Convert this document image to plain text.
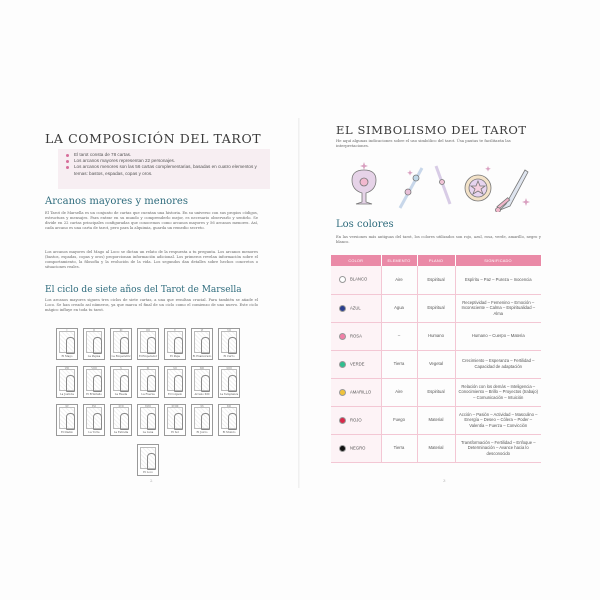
LA COMPOSICIÓN DEL TAROT
El tarot consta de 78 cartas.
Los arcanos mayores representan 22 personajes.
Los arcanos menores son las 56 cartas complementarias, basadas en cuatro elementos y temas: bastos, espadas, copas y oros.
Arcanos mayores y menores
El Tarot de Marsella es un conjunto de cartas que cuentan una historia. En su universo con sus propios códigos, estructura y mensajes. Para entrar en su mundo y comprenderlo mejor, es necesario observarlo y sentirlo. Se divide en 22 cartas principales configuradas que conocemos como arcanos mayores y 56 arcanos menores. Así, cada arcano es una carta de tarot, pero para la alquimia, guarda un remedio secreto.
Los arcanos mayores del Mago al Loco se dictan un relato de la respuesta a tu pregunta. Los arcanos menores (bastos, espadas, copas y oros) proporcionan información adicional. Los primeros revelan información sobre el comportamiento, la filosofía y la evolución de la vida. Los segundos dan detalles sobre hechos concretos o situaciones reales.
El ciclo de siete años del Tarot de Marsella
Los arcanos mayores siguen tres ciclos de siete cartas, a una que resultan crucial. Para también se añade el Loco. Se han creado así números, ya que marca el final de un ciclo como el comienzo de uno nuevo. Este ciclo mágico influye en toda tu tarot.
El Mago	La Papisa	La Emperatriz	El Emperador	El Papa	El Enamorado	El Carro
La Justicia	El Ermitaño	La Rueda	La Fuerza	El Colgado	Arcano XIII	La Templanza
El Diablo	La Torre	La Estrella	La Luna	El Sol	El Juicio	El Mundo
El Loco
2
EL SIMBOLISMO DEL TAROT
He aquí algunas indicaciones sobre el uso simbólico del tarot. Úsa pautas te facilitarán las interpretaciones.
Los colores
En las versiones más antiguas del tarot, los colores utilizados son rojo, azul, rosa, verde, amarillo, negro y blanco.
COLOR	ELEMENTO	PLANO	SIGNIFICADO
BLANCO	Aire	Espiritual	Espíritu – Paz – Pureza – Inocencia
AZUL	Agua	Espiritual	Receptividad – Femenino – Emoción – Inconsciente – Calma – Espiritualidad – Alma
ROSA	–	Humano	Humano – Cuerpo – Materia
VERDE	Tierra	Vegetal	Crecimiento – Esperanza – Fertilidad – Capacidad de adaptación
AMARILLO	Aire	Espiritual	Relación con los demás – Inteligencia – Conocimiento – Brillo – Proyectos (trabajo) – Comunicación – Intuición
ROJO	Fuego	Material	Acción – Pasión – Actividad – Masculino – Energía – Deseo – Cólera – Poder – Valentía – Fuerza – Convicción
NEGRO	Tierra	Material	Transformación – Fertilidad – Enfoque – Determinación – Avance hacia lo desconocido
3
